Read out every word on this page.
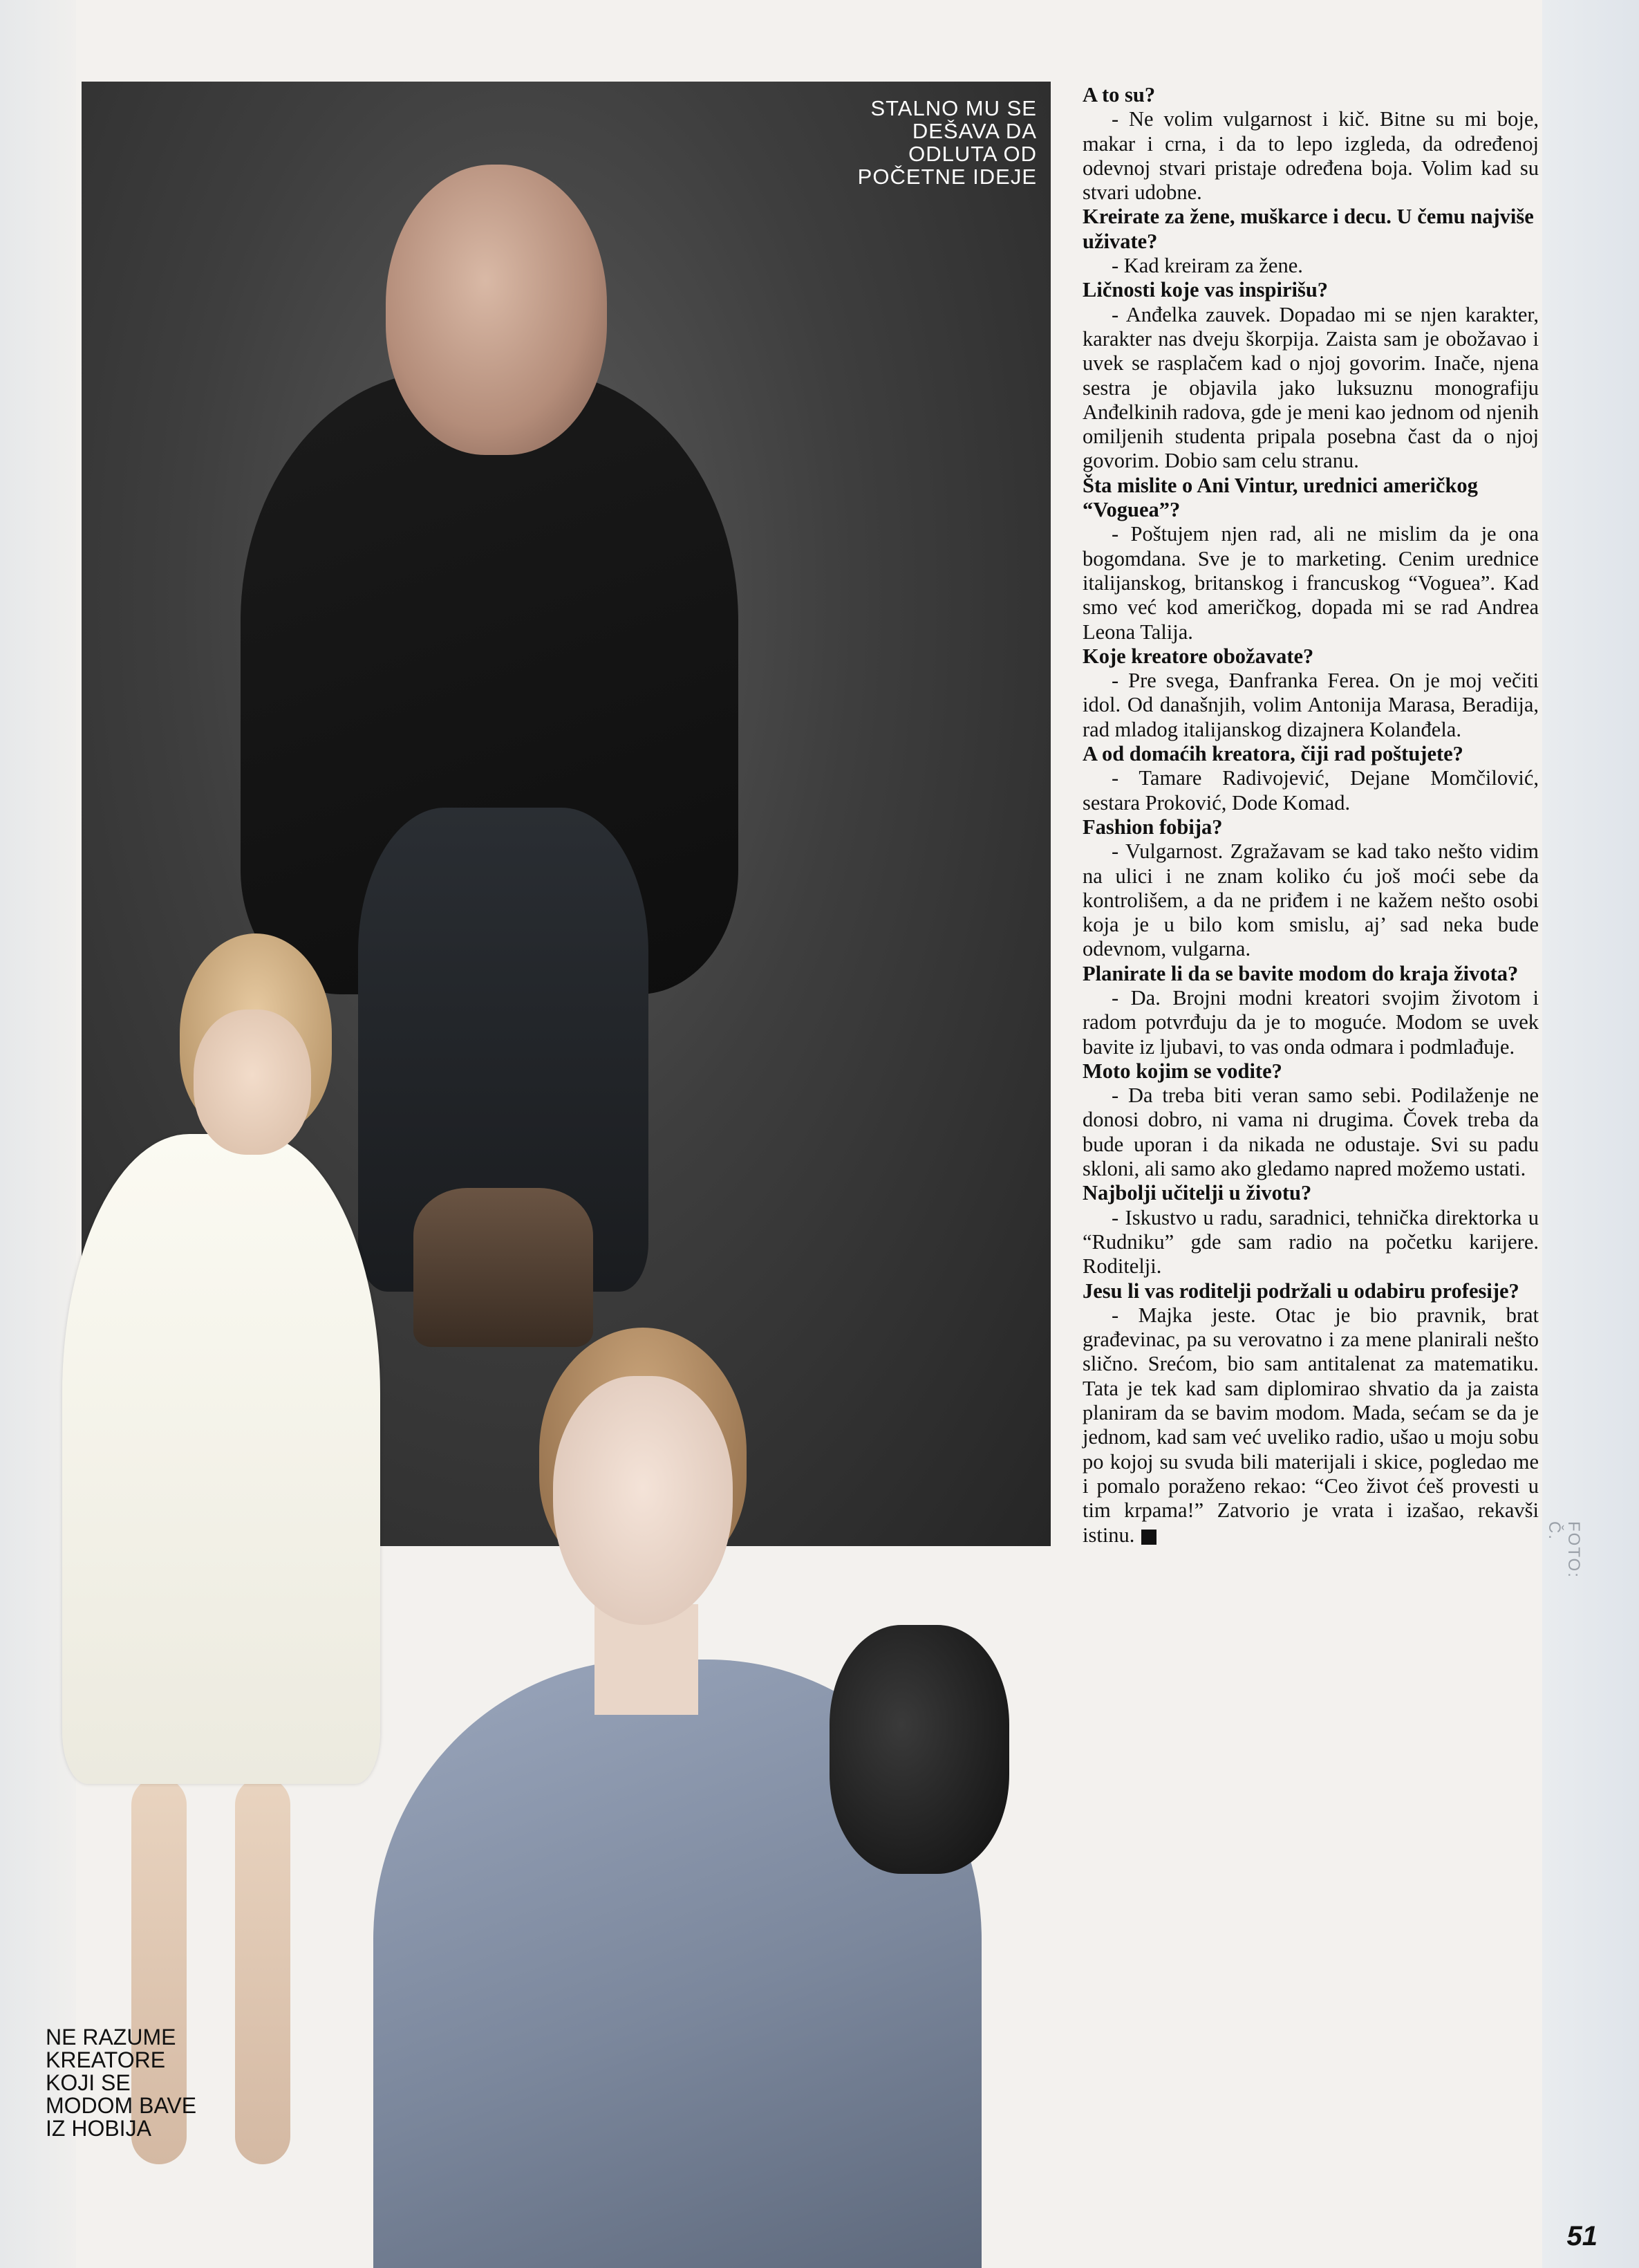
STALNO MU SE DEŠAVA DA ODLUTA OD POČETNE IDEJE
NE RAZUME KREATORE KOJI SE MODOM BAVE IZ HOBIJA
FOTO: Č.

A to su?

- Ne volim vulgarnost i kič. Bitne su mi boje, makar i crna, i da to lepo izgleda, da određenoj odevnoj stvari pristaje određena boja. Volim kad su stvari udobne.

Kreirate za žene, muškarce i decu. U čemu najviše uživate?

- Kad kreiram za žene.

Ličnosti koje vas inspirišu?

- Anđelka zauvek. Dopadao mi se njen karakter, karakter nas dveju škorpija. Zaista sam je obožavao i uvek se rasplačem kad o njoj govorim. Inače, njena sestra je objavila jako luksuznu monografiju Anđelkinih radova, gde je meni kao jednom od njenih omiljenih studenta pripala posebna čast da o njoj govorim. Dobio sam celu stranu.

Šta mislite o Ani Vintur, urednici američkog “Voguea”?

- Poštujem njen rad, ali ne mislim da je ona bogomdana. Sve je to marketing. Cenim urednice italijanskog, britanskog i francuskog “Voguea”. Kad smo već kod američkog, dopada mi se rad Andrea Leona Talija.

Koje kreatore obožavate?

- Pre svega, Đanfranka Ferea. On je moj večiti idol. Od današnjih, volim Antonija Marasa, Beradija, rad mladog italijanskog dizajnera Kolanđela.

A od domaćih kreatora, čiji rad poštujete?

- Tamare Radivojević, Dejane Momčilović, sestara Proković, Dode Komad.

Fashion fobija?

- Vulgarnost. Zgražavam se kad tako nešto vidim na ulici i ne znam koliko ću još moći sebe da kontrolišem, a da ne priđem i ne kažem nešto osobi koja je u bilo kom smislu, aj’ sad neka bude odevnom, vulgarna.

Planirate li da se bavite modom do kraja života?

- Da. Brojni modni kreatori svojim životom i radom potvrđuju da je to moguće. Modom se uvek bavite iz ljubavi, to vas onda odmara i podmlađuje.

Moto kojim se vodite?

- Da treba biti veran samo sebi. Podilaženje ne donosi dobro, ni vama ni drugima. Čovek treba da bude uporan i da nikada ne odustaje. Svi su padu skloni, ali samo ako gledamo napred možemo ustati.

Najbolji učitelji u životu?

- Iskustvo u radu, saradnici, tehnička direktorka u “Rudniku” gde sam radio na početku karijere. Roditelji.

Jesu li vas roditelji podržali u odabiru profesije?

- Majka jeste. Otac je bio pravnik, brat građevinac, pa su verovatno i za mene planirali nešto slično. Srećom, bio sam antitalenat za matematiku. Tata je tek kad sam diplomirao shvatio da ja zaista planiram da se bavim modom. Mada, sećam se da je jednom, kad sam već uveliko radio, ušao u moju sobu po kojoj su svuda bili materijali i skice, pogledao me i pomalo poraženo rekao: “Ceo život ćeš provesti u tim krpama!” Zatvorio je vrata i izašao, rekavši istinu.

51
